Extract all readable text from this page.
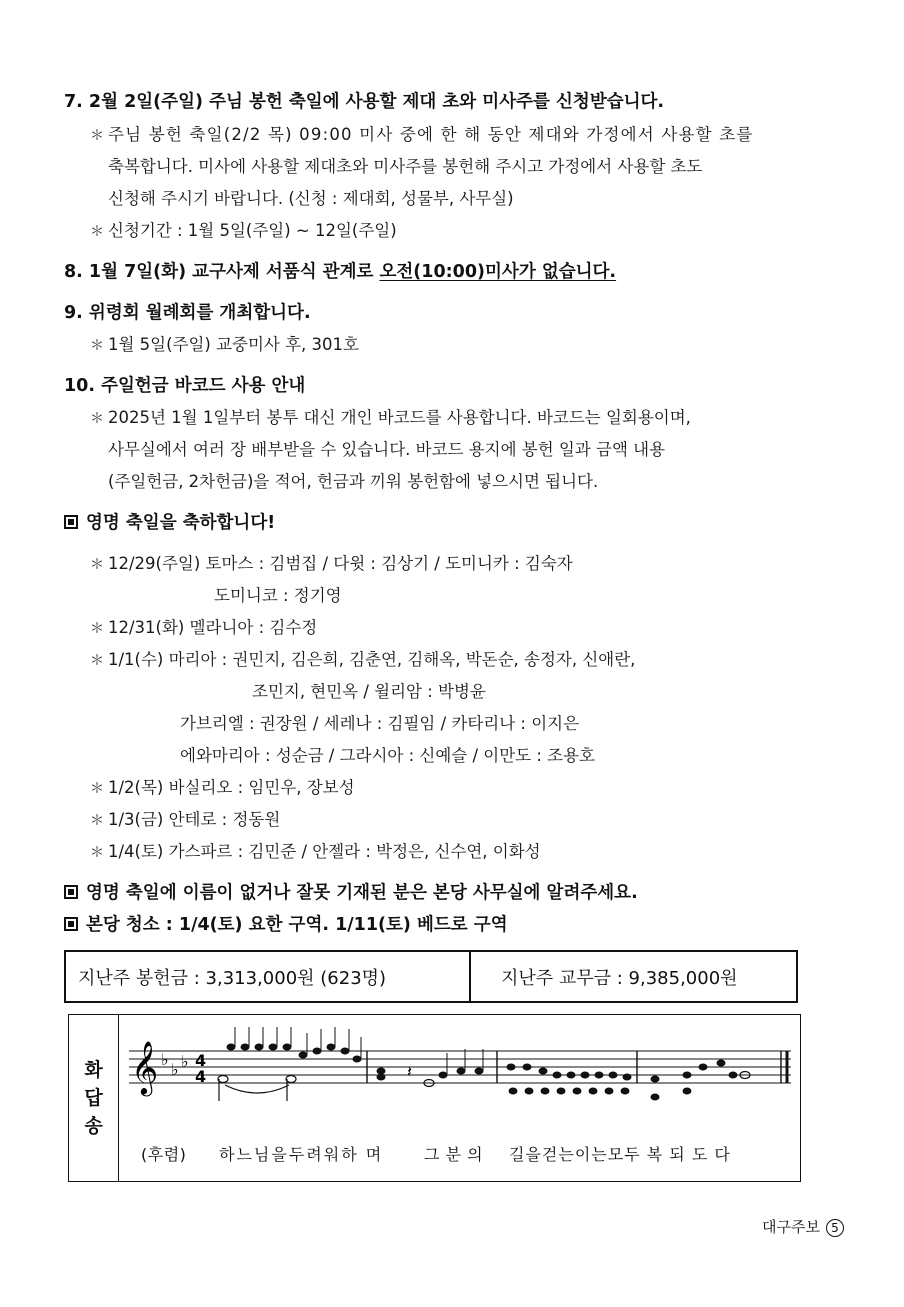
7. 2월 2일(주일) 주님 봉헌 축일에 사용할 제대 초와 미사주를 신청받습니다.
＊ 주님 봉헌 축일(2/2 목) 09:00 미사 중에 한 해 동안 제대와 가정에서 사용할 초를
축복합니다. 미사에 사용할 제대초와 미사주를 봉헌해 주시고 가정에서 사용할 초도
신청해 주시기 바랍니다. (신청 : 제대회, 성물부, 사무실)
＊ 신청기간 : 1월 5일(주일) ~ 12일(주일)
8. 1월 7일(화) 교구사제 서품식 관계로 오전(10:00)미사가 없습니다.
9. 위령회 월례회를 개최합니다.
＊ 1월 5일(주일) 교중미사 후, 301호
10. 주일헌금 바코드 사용 안내
＊ 2025년 1월 1일부터 봉투 대신 개인 바코드를 사용합니다. 바코드는 일회용이며,
사무실에서 여러 장 배부받을 수 있습니다. 바코드 용지에 봉헌 일과 금액 내용
(주일헌금, 2차헌금)을 적어, 헌금과 끼워 봉헌함에 넣으시면 됩니다.
영명 축일을 축하합니다!
＊ 12/29(주일) 토마스 : 김범집 / 다윗 : 김상기 / 도미니카 : 김숙자
도미니코 : 정기영
＊ 12/31(화) 멜라니아 : 김수정
＊ 1/1(수) 마리아 : 권민지, 김은희, 김춘연, 김해옥, 박돈순, 송정자, 신애란,
조민지, 현민옥 / 윌리암 : 박병윤
가브리엘 : 권장원 / 세레나 : 김필임 / 카타리나 : 이지은
에와마리아 : 성순금 / 그라시아 : 신예슬 / 이만도 : 조용호
＊ 1/2(목) 바실리오 : 임민우, 장보성
＊ 1/3(금) 안테로 : 정동원
＊ 1/4(토) 가스파르 : 김민준 / 안젤라 : 박정은, 신수연, 이화성
영명 축일에 이름이 없거나 잘못 기재된 분은 본당 사무실에 알려주세요.
본당 청소 : 1/4(토) 요한 구역. 1/11(토) 베드로 구역
지난주 봉헌금 : 3,313,000원 (623명)	지난주 교무금 : 9,385,000원
화
답
송
𝄞 ♭
♭ ♭ 4
4	𝄽
(후렴) 하느님을두려워하 며	그 분 의 길을걷는이는모두 복 되 도 다
대구주보 5
